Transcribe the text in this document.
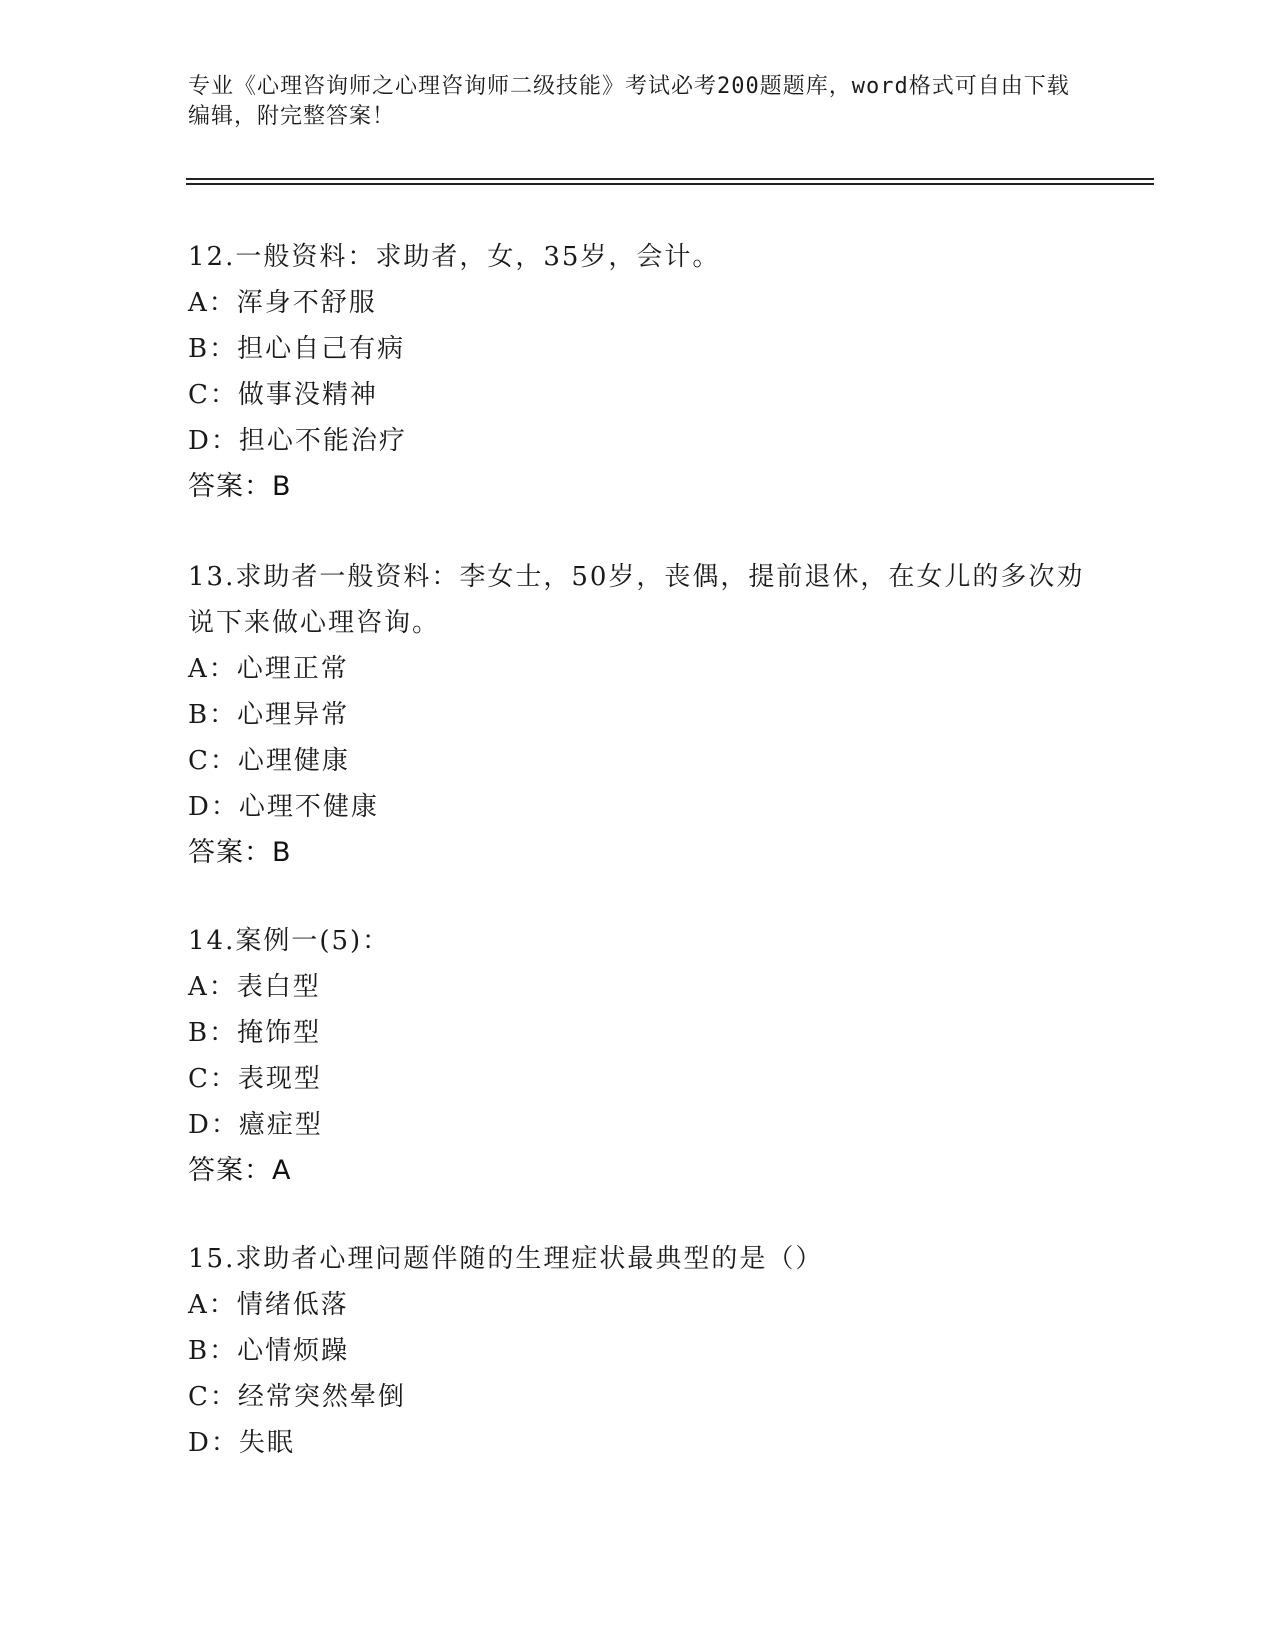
专业《心理咨询师之心理咨询师二级技能》考试必考200题题库，word格式可自由下载编辑，附完整答案！
12.一般资料：求助者，女，35岁，会计。
A：浑身不舒服
B：担心自己有病
C：做事没精神
D：担心不能治疗
答案：B
13.求助者一般资料：李女士，50岁，丧偶，提前退休，在女儿的多次劝说下来做心理咨询。
A：心理正常
B：心理异常
C：心理健康
D：心理不健康
答案：B
14.案例一(5)：
A：表白型
B：掩饰型
C：表现型
D：癔症型
答案：A
15.求助者心理问题伴随的生理症状最典型的是（）
A：情绪低落
B：心情烦躁
C：经常突然晕倒
D：失眠
